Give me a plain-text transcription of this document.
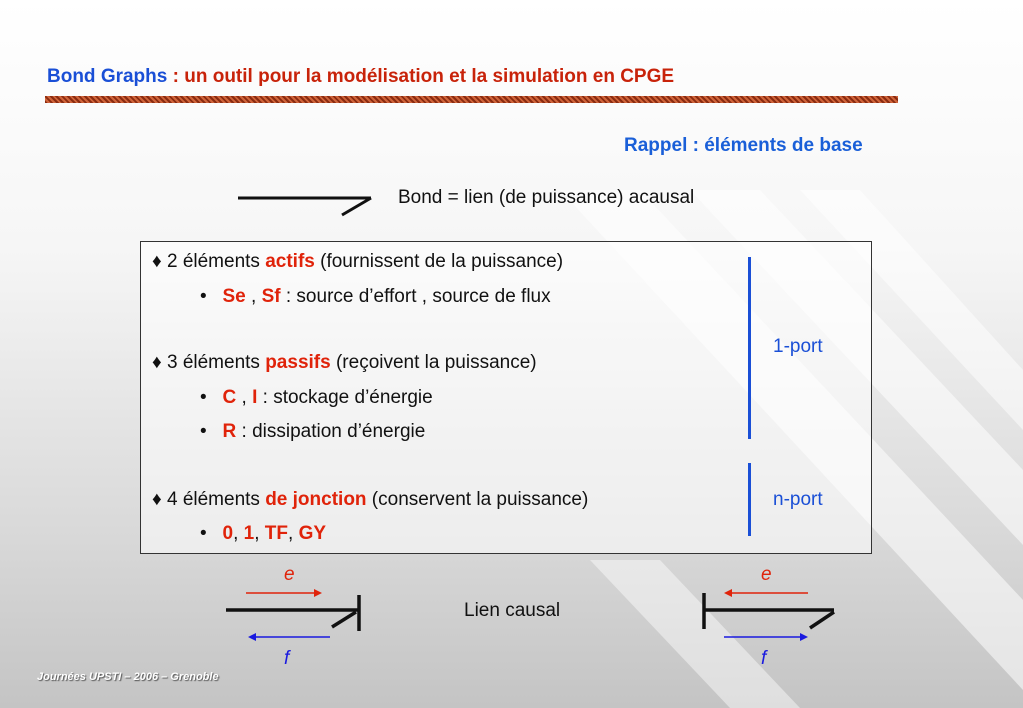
Bond Graphs : un outil pour la modélisation et la simulation en CPGE
Rappel : éléments de base
Bond = lien (de puissance) acausal
♦ 2 éléments actifs (fournissent de la puissance)
• Se , Sf : source d’effort , source de flux
♦ 3 éléments passifs (reçoivent la puissance)
• C , I : stockage d’énergie
• R : dissipation d’énergie
♦ 4 éléments de jonction (conservent la puissance)
• 0, 1, TF, GY
1-port
n-port
e
f
Lien causal
e
f
Journées UPSTI – 2006 – Grenoble
